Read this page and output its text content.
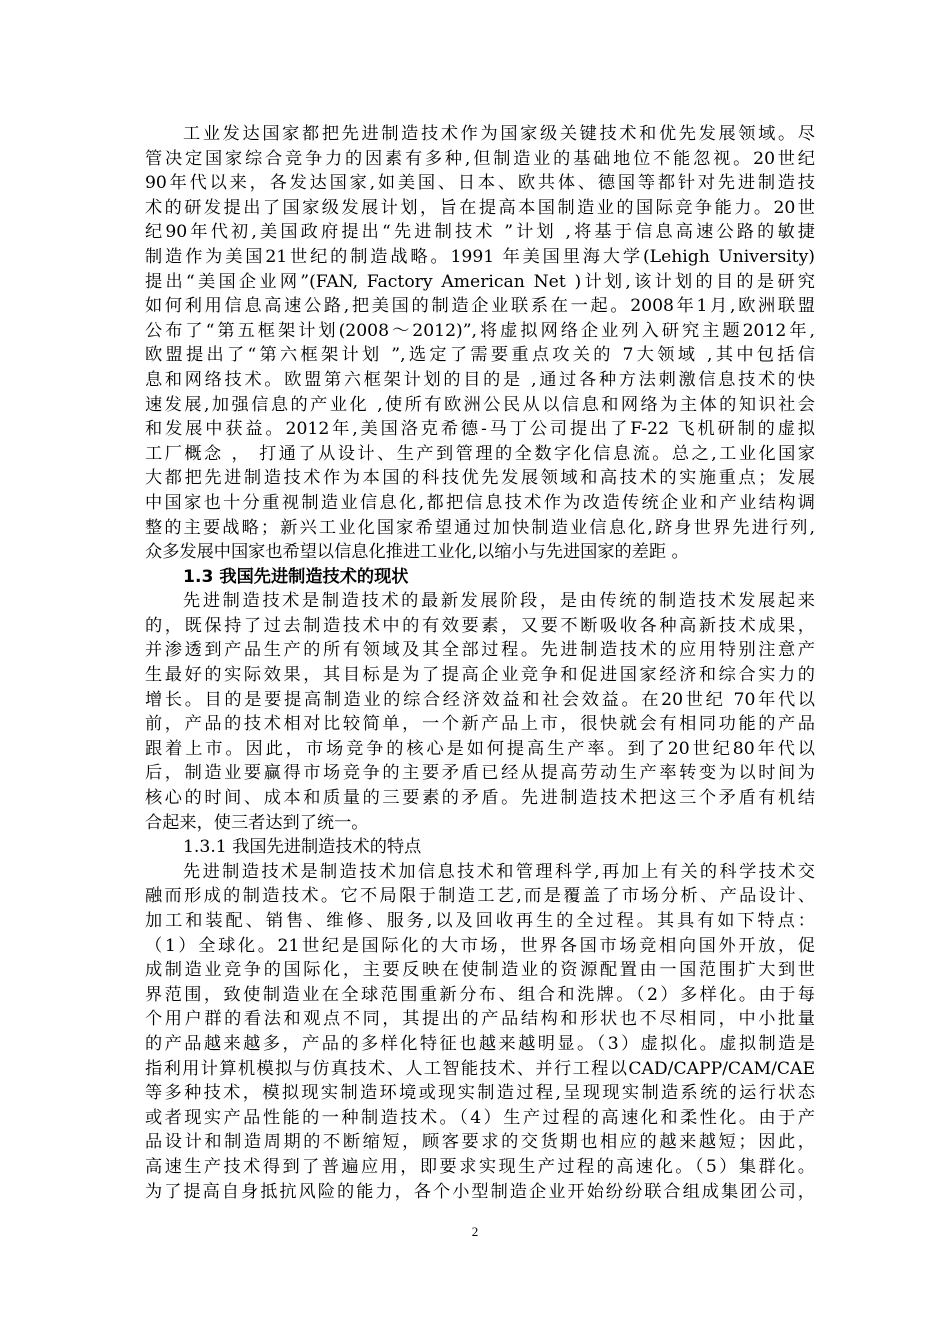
工业发达国家都把先进制造技术作为国家级关键技术和优先发展领域。尽
管决定国家综合竞争力的因素有多种,但制造业的基础地位不能忽视。20世纪
90年代以来，各发达国家,如美国、日本、欧共体、德国等都针对先进制造技
术的研发提出了国家级发展计划，旨在提高本国制造业的国际竞争能力。20世
纪90年代初,美国政府提出“先进制技术 ”计划 ,将基于信息高速公路的敏捷
制造作为美国21世纪的制造战略。1991 年美国里海大学(Lehigh University)
提出“美国企业网”(FAN, Factory American Net )计划,该计划的目的是研究
如何利用信息高速公路,把美国的制造企业联系在一起。2008年1月,欧洲联盟
公布了“第五框架计划(2008～2012)”,将虚拟网络企业列入研究主题2012年,
欧盟提出了“第六框架计划 ”,选定了需要重点攻关的 7大领域 ,其中包括信
息和网络技术。欧盟第六框架计划的目的是 ,通过各种方法刺激信息技术的快
速发展,加强信息的产业化 ,使所有欧洲公民从以信息和网络为主体的知识社会
和发展中获益。2012年,美国洛克希德-马丁公司提出了F-22 飞机研制的虚拟
工厂概念 ， 打通了从设计、生产到管理的全数字化信息流。总之,工业化国家
大都把先进制造技术作为本国的科技优先发展领域和高技术的实施重点；发展
中国家也十分重视制造业信息化,都把信息技术作为改造传统企业和产业结构调
整的主要战略；新兴工业化国家希望通过加快制造业信息化,跻身世界先进行列,
众多发展中国家也希望以信息化推进工业化,以缩小与先进国家的差距 。
1.3 我国先进制造技术的现状
先进制造技术是制造技术的最新发展阶段，是由传统的制造技术发展起来
的，既保持了过去制造技术中的有效要素，又要不断吸收各种高新技术成果，
并渗透到产品生产的所有领域及其全部过程。先进制造技术的应用特别注意产
生最好的实际效果，其目标是为了提高企业竞争和促进国家经济和综合实力的
增长。目的是要提高制造业的综合经济效益和社会效益。在20世纪 70年代以
前，产品的技术相对比较简单，一个新产品上市，很快就会有相同功能的产品
跟着上市。因此，市场竞争的核心是如何提高生产率。到了20世纪80年代以
后，制造业要赢得市场竞争的主要矛盾已经从提高劳动生产率转变为以时间为
核心的时间、成本和质量的三要素的矛盾。先进制造技术把这三个矛盾有机结
合起来，使三者达到了统一。
1.3.1 我国先进制造技术的特点
先进制造技术是制造技术加信息技术和管理科学,再加上有关的科学技术交
融而形成的制造技术。它不局限于制造工艺,而是覆盖了市场分析、产品设计、
加工和装配、销售、维修、服务,以及回收再生的全过程。其具有如下特点：
（1）全球化。21世纪是国际化的大市场，世界各国市场竞相向国外开放，促
成制造业竞争的国际化，主要反映在使制造业的资源配置由一国范围扩大到世
界范围，致使制造业在全球范围重新分布、组合和洗牌。（2）多样化。由于每
个用户群的看法和观点不同，其提出的产品结构和形状也不尽相同，中小批量
的产品越来越多，产品的多样化特征也越来越明显。（3）虚拟化。虚拟制造是
指利用计算机模拟与仿真技术、人工智能技术、并行工程以CAD/CAPP/CAM/CAE
等多种技术，模拟现实制造环境或现实制造过程,呈现现实制造系统的运行状态
或者现实产品性能的一种制造技术。（4）生产过程的高速化和柔性化。由于产
品设计和制造周期的不断缩短，顾客要求的交货期也相应的越来越短；因此，
高速生产技术得到了普遍应用，即要求实现生产过程的高速化。（5）集群化。
为了提高自身抵抗风险的能力，各个小型制造企业开始纷纷联合组成集团公司，
2
